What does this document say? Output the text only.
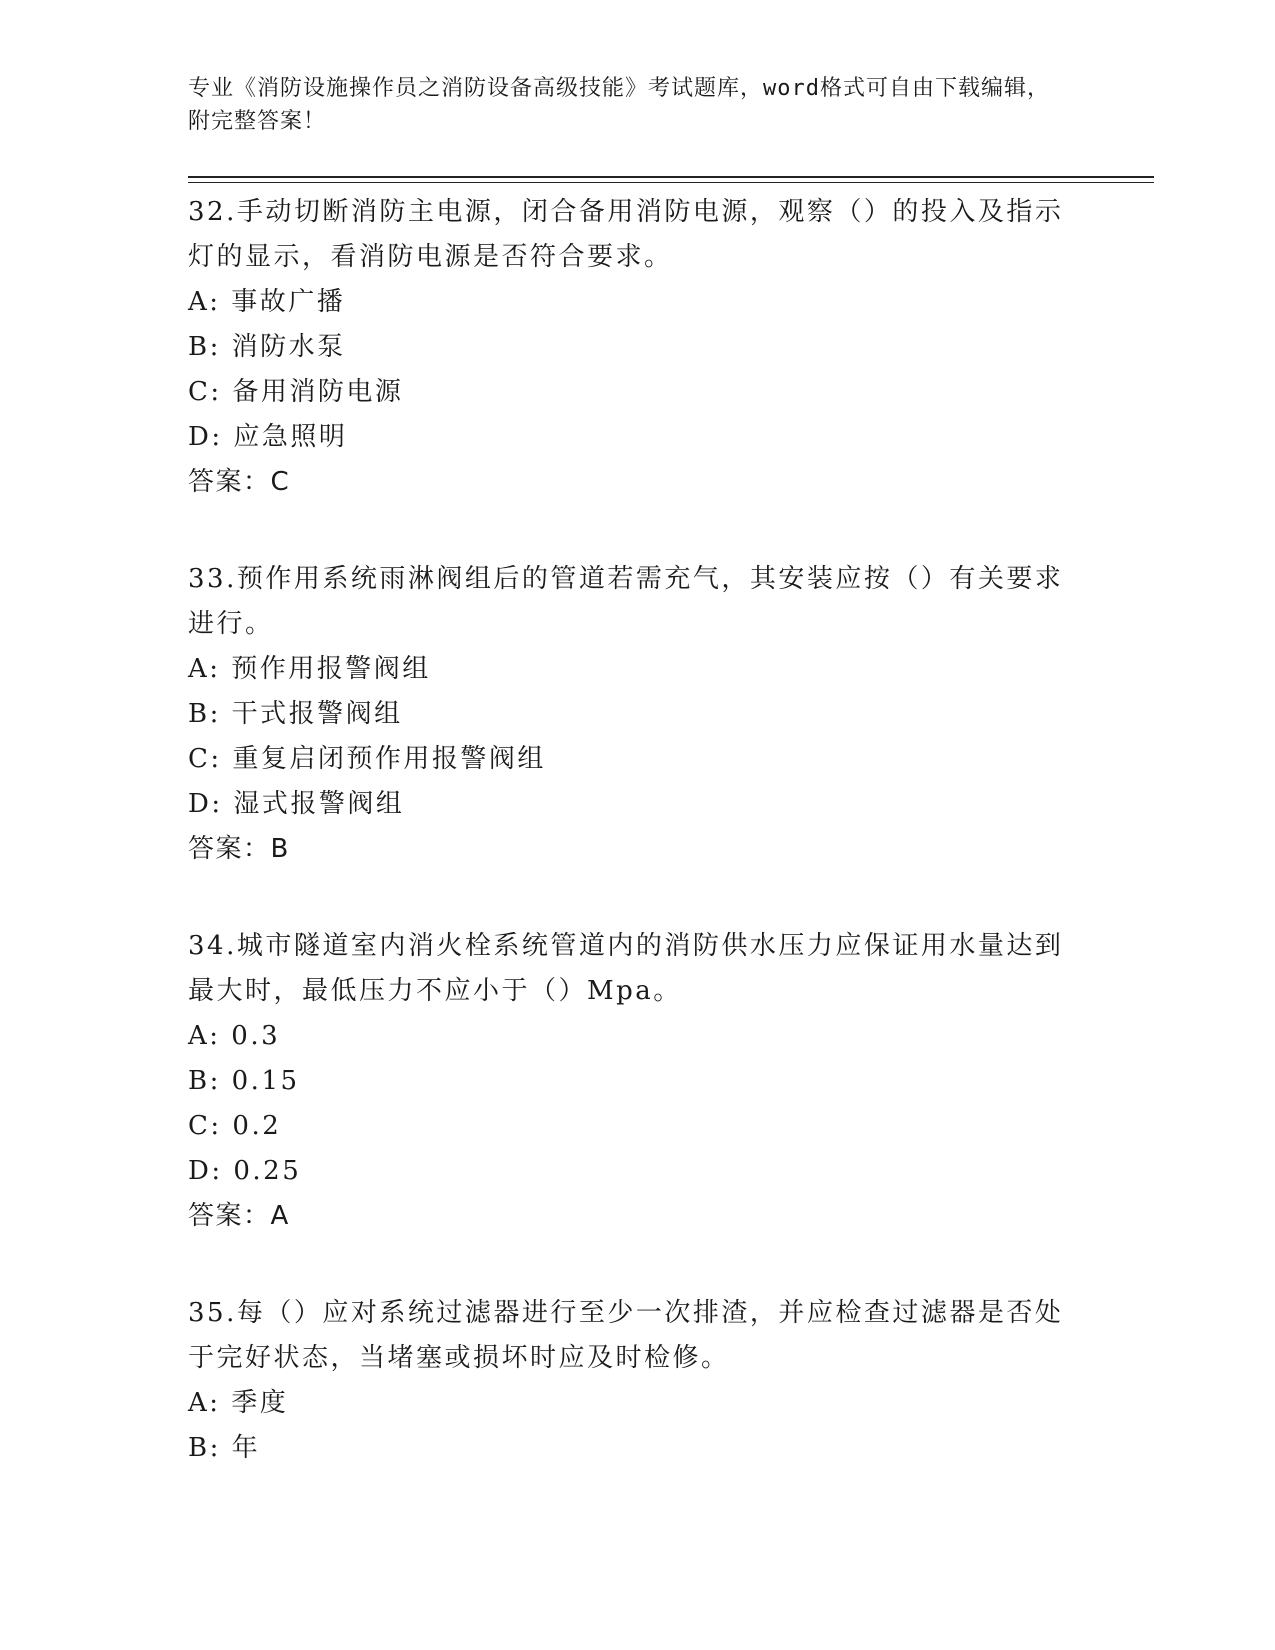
专业《消防设施操作员之消防设备高级技能》考试题库，word格式可自由下载编辑，附完整答案！

32.手动切断消防主电源，闭合备用消防电源，观察（）的投入及指示灯的显示，看消防电源是否符合要求。

A: 事故广播

B: 消防水泵

C: 备用消防电源

D: 应急照明

答案：C

33.预作用系统雨淋阀组后的管道若需充气，其安装应按（）有关要求进行。

A: 预作用报警阀组

B: 干式报警阀组

C: 重复启闭预作用报警阀组

D: 湿式报警阀组

答案：B

34.城市隧道室内消火栓系统管道内的消防供水压力应保证用水量达到最大时，最低压力不应小于（）Mpa。

A: 0.3

B: 0.15

C: 0.2

D: 0.25

答案：A

35.每（）应对系统过滤器进行至少一次排渣，并应检查过滤器是否处于完好状态，当堵塞或损坏时应及时检修。

A: 季度

B: 年
